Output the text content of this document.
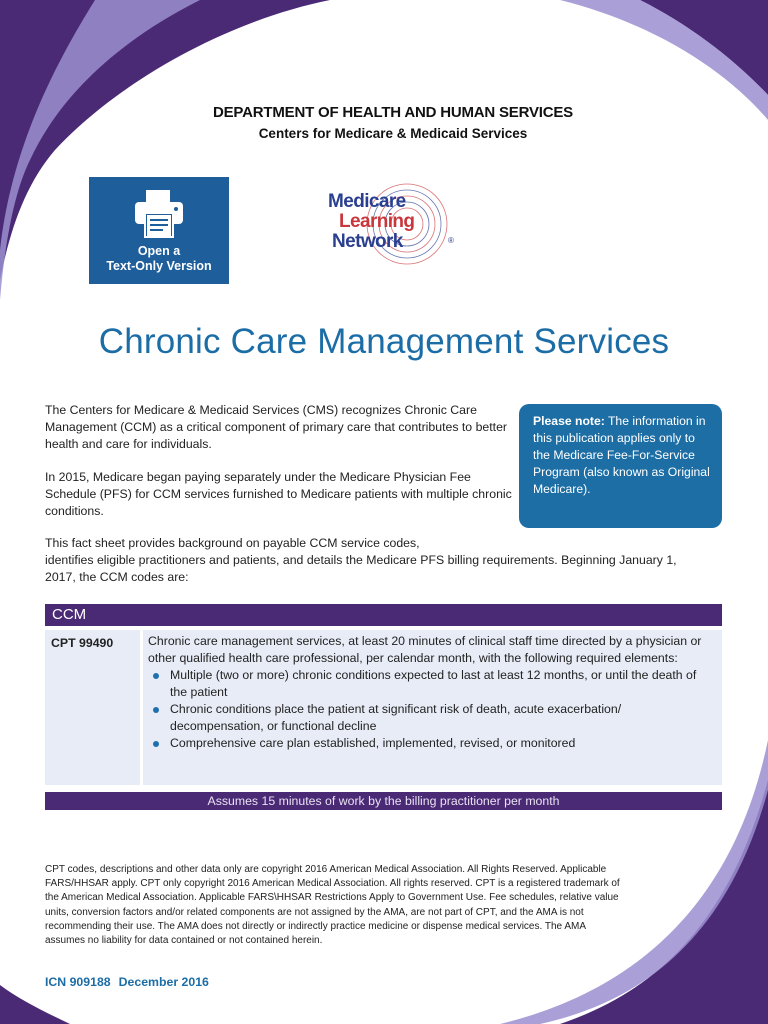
DEPARTMENT OF HEALTH AND HUMAN SERVICES
Centers for Medicare & Medicaid Services
Open a
Text-Only Version
Medicare
Learning
Network	®
Chronic Care Management Services
The Centers for Medicare & Medicaid Services (CMS) recognizes Chronic Care Management (CCM) as a critical component of primary care that contributes to better health and care for individuals.
In 2015, Medicare began paying separately under the Medicare Physician Fee Schedule (PFS) for CCM services furnished to Medicare patients with multiple chronic conditions.
This fact sheet provides background on payable CCM service codes,
identifies eligible practitioners and patients, and details the Medicare PFS billing requirements. Beginning January 1, 2017, the CCM codes are:
Please note: The information in this publication applies only to the Medicare Fee-For-Service Program (also known as Original Medicare).
CCM
CPT 99490	Chronic care management services, at least 20 minutes of clinical staff time directed by a physician or other qualified health care professional, per calendar month, with the following required elements:
Multiple (two or more) chronic conditions expected to last at least 12 months, or until the death of the patient
Chronic conditions place the patient at significant risk of death, acute exacerbation/ decompensation, or functional decline
Comprehensive care plan established, implemented, revised, or monitored
Assumes 15 minutes of work by the billing practitioner per month
CPT codes, descriptions and other data only are copyright 2016 American Medical Association. All Rights Reserved. Applicable FARS/HHSAR apply. CPT only copyright 2016 American Medical Association. All rights reserved. CPT is a registered trademark of the American Medical Association. Applicable FARS\HHSAR Restrictions Apply to Government Use. Fee schedules, relative value units, conversion factors and/or related components are not assigned by the AMA, are not part of CPT, and the AMA is not recommending their use. The AMA does not directly or indirectly practice medicine or dispense medical services. The AMA assumes no liability for data contained or not contained herein.
ICN 909188 December 2016
